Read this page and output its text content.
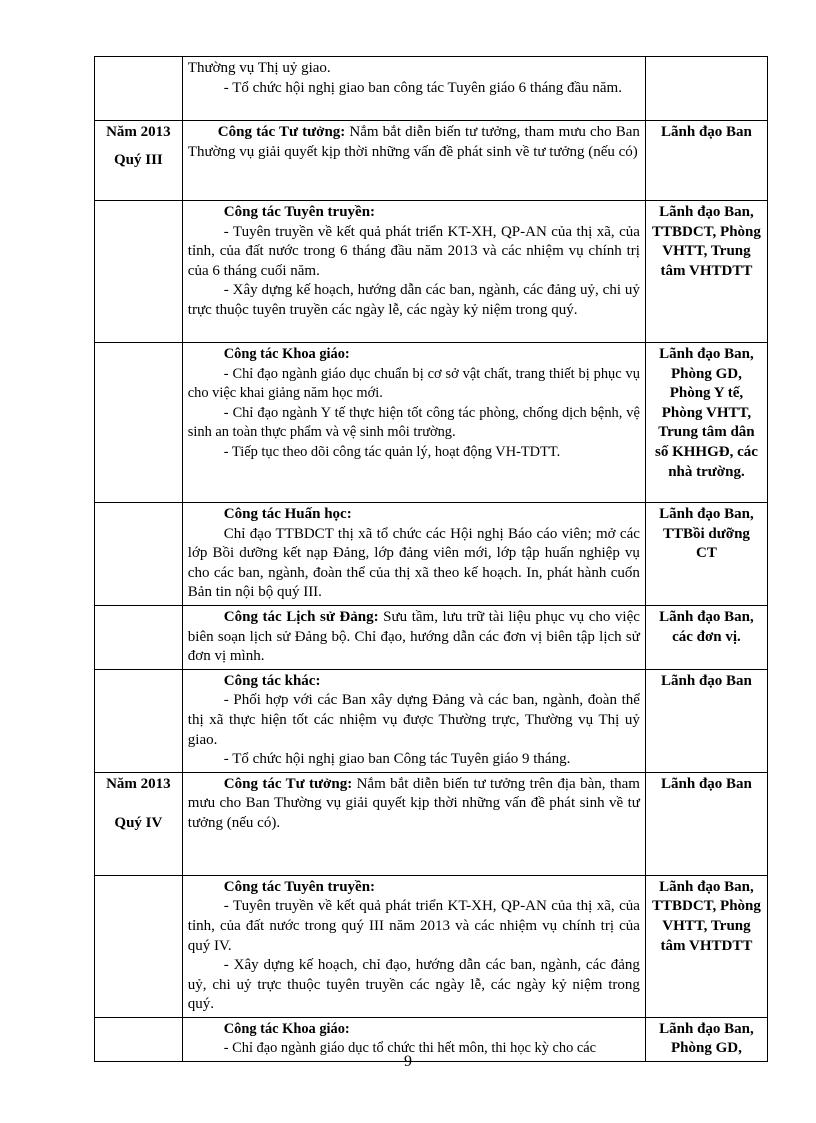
	Thường vụ Thị uỷ giao.

- Tổ chức hội nghị giao ban công tác Tuyên giáo 6 tháng đầu năm.	

Năm 2013
Quý III	Công tác Tư tưởng: Nắm bắt diễn biến tư tưởng, tham mưu cho Ban Thường vụ giải quyết kịp thời những vấn đề phát sinh về tư tưởng (nếu có)	Lãnh đạo Ban

	Công tác Tuyên truyền:

- Tuyên truyền về kết quả phát triển KT-XH, QP-AN của thị xã, của tỉnh, của đất nước trong 6 tháng đầu năm 2013 và các nhiệm vụ chính trị của 6 tháng cuối năm.

- Xây dựng kế hoạch, hướng dẫn các ban, ngành, các đảng uỷ, chi uỷ trực thuộc tuyên truyền các ngày lễ, các ngày kỷ niệm trong quý.	Lãnh đạo Ban, TTBDCT, Phòng VHTT, Trung tâm VHTDTT

	Công tác Khoa giáo:

- Chỉ đạo ngành giáo dục chuẩn bị cơ sở vật chất, trang thiết bị phục vụ cho việc khai giảng năm học mới.

- Chỉ đạo ngành Y tế thực hiện tốt công tác phòng, chống dịch bệnh, vệ sinh an toàn thực phẩm và vệ sinh môi trường.

- Tiếp tục theo dõi công tác quản lý, hoạt động VH-TDTT.	Lãnh đạo Ban, Phòng GD, Phòng Y tế, Phòng VHTT, Trung tâm dân số KHHGĐ, các nhà trường.

	Công tác Huấn học:

Chỉ đạo TTBDCT thị xã tổ chức các Hội nghị Báo cáo viên; mở các lớp Bồi dưỡng kết nạp Đảng, lớp đảng viên mới, lớp tập huấn nghiệp vụ cho các ban, ngành, đoàn thể của thị xã theo kế hoạch. In, phát hành cuốn Bản tin nội bộ quý III.	Lãnh đạo Ban, TTBồi dưỡng CT

	Công tác Lịch sử Đảng: Sưu tầm, lưu trữ tài liệu phục vụ cho việc biên soạn lịch sử Đảng bộ. Chỉ đạo, hướng dẫn các đơn vị biên tập lịch sử đơn vị mình.	Lãnh đạo Ban, các đơn vị.

	Công tác khác:

- Phối hợp với các Ban xây dựng Đảng và các ban, ngành, đoàn thể thị xã thực hiện tốt các nhiệm vụ được Thường trực, Thường vụ Thị uỷ giao.

- Tổ chức hội nghị giao ban Công tác Tuyên giáo 9 tháng.	Lãnh đạo Ban

Năm 2013
Quý IV	Công tác Tư tưởng: Nắm bắt diễn biến tư tưởng trên địa bàn, tham mưu cho Ban Thường vụ giải quyết kịp thời những vấn đề phát sinh về tư tưởng (nếu có).	Lãnh đạo Ban

	Công tác Tuyên truyền:

- Tuyên truyền về kết quả phát triển KT-XH, QP-AN của thị xã, của tỉnh, của đất nước trong quý III năm 2013 và các nhiệm vụ chính trị của quý IV.

- Xây dựng kế hoạch, chỉ đạo, hướng dẫn các ban, ngành, các đảng uỷ, chi uỷ trực thuộc tuyên truyền các ngày lễ, các ngày kỷ niệm trong quý.	Lãnh đạo Ban, TTBDCT, Phòng VHTT, Trung tâm VHTDTT

	Công tác Khoa giáo:

- Chỉ đạo ngành giáo dục tổ chức thi hết môn, thi học kỳ cho các	Lãnh đạo Ban, Phòng GD,
9
